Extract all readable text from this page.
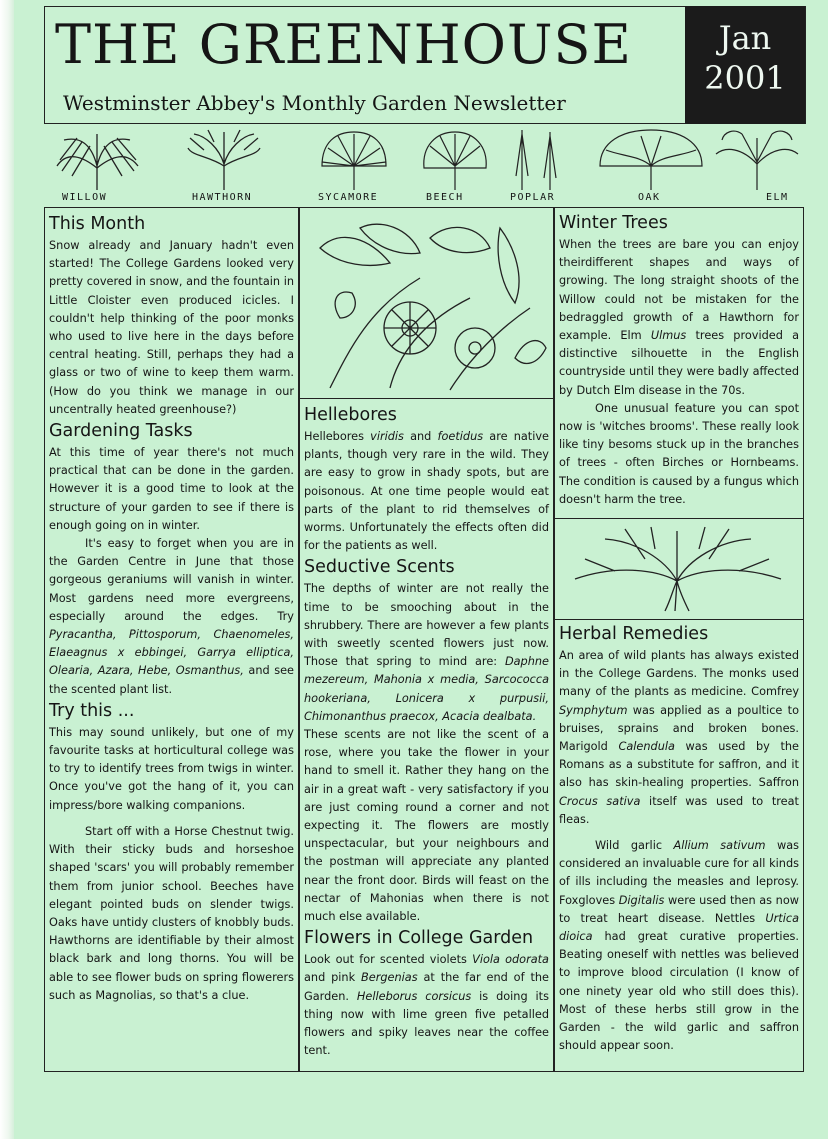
THE GREENHOUSE
Westminster Abbey's Monthly Garden Newsletter
Jan
2001
WILLOW	HAWTHORN	SYCAMORE	BEECH	POPLAR	OAK	ELM
This Month

Snow already and January hadn't even started! The College Gardens looked very pretty covered in snow, and the fountain in Little Cloister even produced icicles. I couldn't help thinking of the poor monks who used to live here in the days before central heating. Still, perhaps they had a glass or two of wine to keep them warm. (How do you think we manage in our uncentrally heated greenhouse?)

Gardening Tasks

At this time of year there's not much practical that can be done in the garden. However it is a good time to look at the structure of your garden to see if there is enough going on in winter.

It's easy to forget when you are in the Garden Centre in June that those gorgeous geraniums will vanish in winter. Most gardens need more evergreens, especially around the edges. Try Pyracantha, Pittosporum, Chaenomeles, Elaeagnus x ebbingei, Garrya elliptica, Olearia, Azara, Hebe, Osmanthus, and see the scented plant list.

Try this ...

This may sound unlikely, but one of my favourite tasks at horticultural college was to try to identify trees from twigs in winter. Once you've got the hang of it, you can impress/bore walking companions.

Start off with a Horse Chestnut twig. With their sticky buds and horseshoe shaped 'scars' you will probably remember them from junior school. Beeches have elegant pointed buds on slender twigs. Oaks have untidy clusters of knobbly buds. Hawthorns are identifiable by their almost black bark and long thorns. You will be able to see flower buds on spring flowerers such as Magnolias, so that's a clue.

Hellebores

Hellebores viridis and foetidus are native plants, though very rare in the wild. They are easy to grow in shady spots, but are poisonous. At one time people would eat parts of the plant to rid themselves of worms. Unfortunately the effects often did for the patients as well.

Seductive Scents

The depths of winter are not really the time to be smooching about in the shrubbery. There are however a few plants with sweetly scented flowers just now. Those that spring to mind are: Daphne mezereum, Mahonia x media, Sarcococca hookeriana, Lonicera x purpusii, Chimonanthus praecox, Acacia dealbata.

These scents are not like the scent of a rose, where you take the flower in your hand to smell it. Rather they hang on the air in a great waft - very satisfactory if you are just coming round a corner and not expecting it. The flowers are mostly unspectacular, but your neighbours and the postman will appreciate any planted near the front door. Birds will feast on the nectar of Mahonias when there is not much else available.

Flowers in College Garden

Look out for scented violets Viola odorata and pink Bergenias at the far end of the Garden. Helleborus corsicus is doing its thing now with lime green five petalled flowers and spiky leaves near the coffee tent.

Winter Trees

When the trees are bare you can enjoy theirdifferent shapes and ways of growing. The long straight shoots of the Willow could not be mistaken for the bedraggled growth of a Hawthorn for example. Elm Ulmus trees provided a distinctive silhouette in the English countryside until they were badly affected by Dutch Elm disease in the 70s.

One unusual feature you can spot now is 'witches brooms'. These really look like tiny besoms stuck up in the branches of trees - often Birches or Hornbeams. The condition is caused by a fungus which doesn't harm the tree.

Herbal Remedies

An area of wild plants has always existed in the College Gardens. The monks used many of the plants as medicine. Comfrey Symphytum was applied as a poultice to bruises, sprains and broken bones. Marigold Calendula was used by the Romans as a substitute for saffron, and it also has skin-healing properties. Saffron Crocus sativa itself was used to treat fleas.

Wild garlic Allium sativum was considered an invaluable cure for all kinds of ills including the measles and leprosy. Foxgloves Digitalis were used then as now to treat heart disease. Nettles Urtica dioica had great curative properties. Beating oneself with nettles was believed to improve blood circulation (I know of one ninety year old who still does this). Most of these herbs still grow in the Garden - the wild garlic and saffron should appear soon.
